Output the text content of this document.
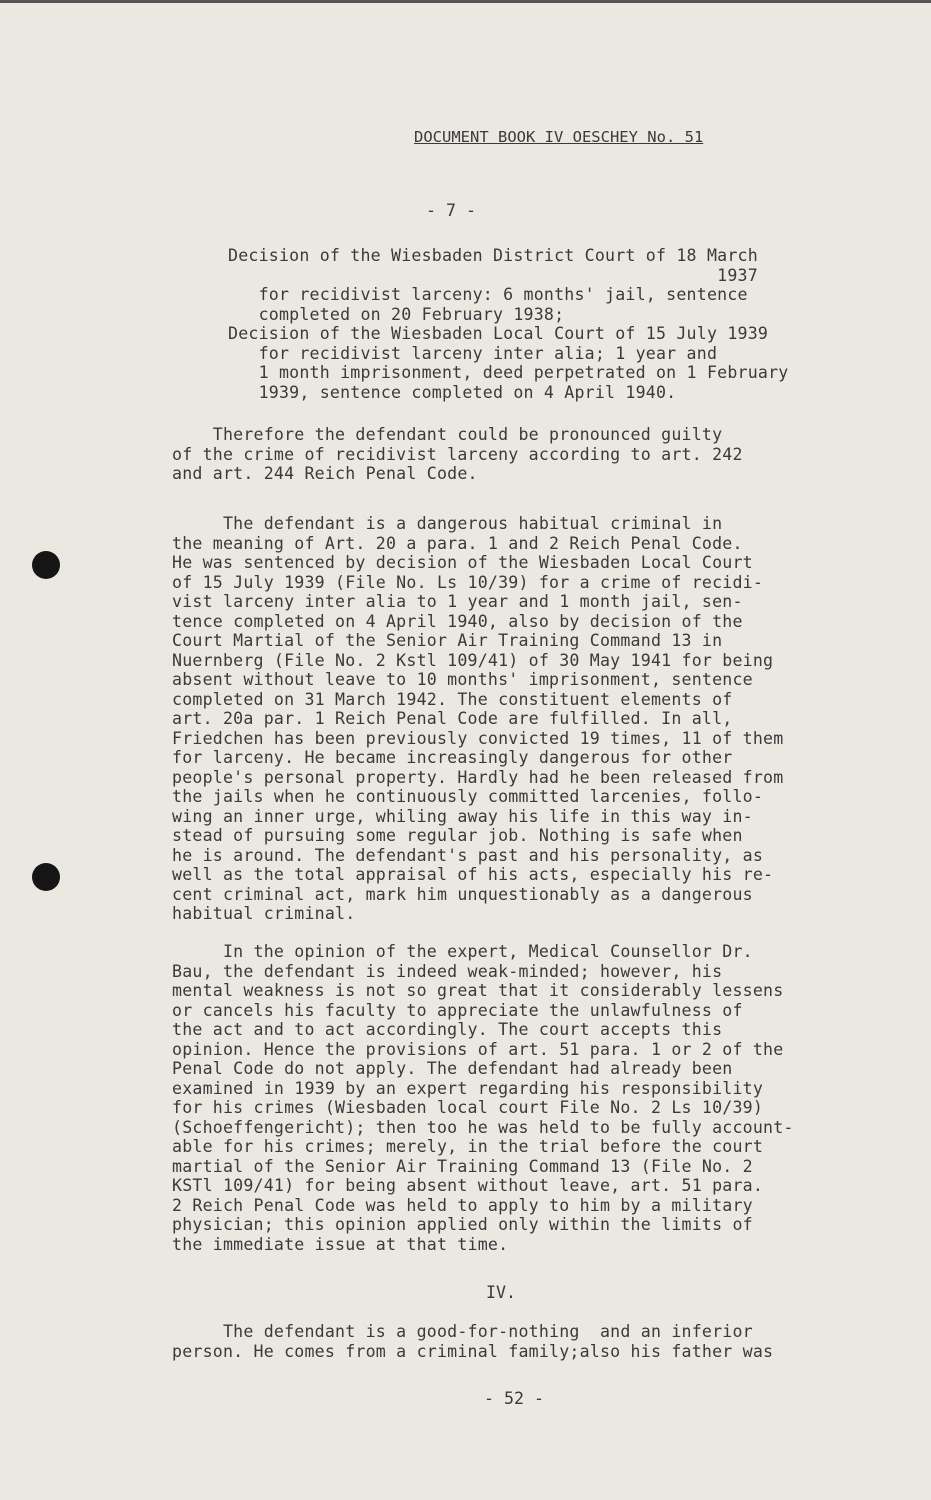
DOCUMENT BOOK IV OESCHEY No. 51
- 7 -
Decision of the Wiesbaden District Court of 18 March
1937
for recidivist larceny: 6 months' jail, sentence
completed on 20 February 1938;
Decision of the Wiesbaden Local Court of 15 July 1939
for recidivist larceny inter alia; 1 year and
1 month imprisonment, deed perpetrated on 1 February
1939, sentence completed on 4 April 1940.
Therefore the defendant could be pronounced guilty
of the crime of recidivist larceny according to art. 242
and art. 244 Reich Penal Code.
The defendant is a dangerous habitual criminal in
the meaning of Art. 20 a para. 1 and 2 Reich Penal Code.
He was sentenced by decision of the Wiesbaden Local Court
of 15 July 1939 (File No. Ls 10/39) for a crime of recidi-
vist larceny inter alia to 1 year and 1 month jail, sen-
tence completed on 4 April 1940, also by decision of the
Court Martial of the Senior Air Training Command 13 in
Nuernberg (File No. 2 Kstl 109/41) of 30 May 1941 for being
absent without leave to 10 months' imprisonment, sentence
completed on 31 March 1942. The constituent elements of
art. 20a par. 1 Reich Penal Code are fulfilled. In all,
Friedchen has been previously convicted 19 times, 11 of them
for larceny. He became increasingly dangerous for other
people's personal property. Hardly had he been released from
the jails when he continuously committed larcenies, follo-
wing an inner urge, whiling away his life in this way in-
stead of pursuing some regular job. Nothing is safe when
he is around. The defendant's past and his personality, as
well as the total appraisal of his acts, especially his re-
cent criminal act, mark him unquestionably as a dangerous
habitual criminal.
In the opinion of the expert, Medical Counsellor Dr.
Bau, the defendant is indeed weak-minded; however, his
mental weakness is not so great that it considerably lessens
or cancels his faculty to appreciate the unlawfulness of
the act and to act accordingly. The court accepts this
opinion. Hence the provisions of art. 51 para. 1 or 2 of the
Penal Code do not apply. The defendant had already been
examined in 1939 by an expert regarding his responsibility
for his crimes (Wiesbaden local court File No. 2 Ls 10/39)
(Schoeffengericht); then too he was held to be fully account-
able for his crimes; merely, in the trial before the court
martial of the Senior Air Training Command 13 (File No. 2
KSTl 109/41) for being absent without leave, art. 51 para.
2 Reich Penal Code was held to apply to him by a military
physician; this opinion applied only within the limits of
the immediate issue at that time.
IV.
The defendant is a good-for-nothing  and an inferior
person. He comes from a criminal family;also his father was
- 52 -
